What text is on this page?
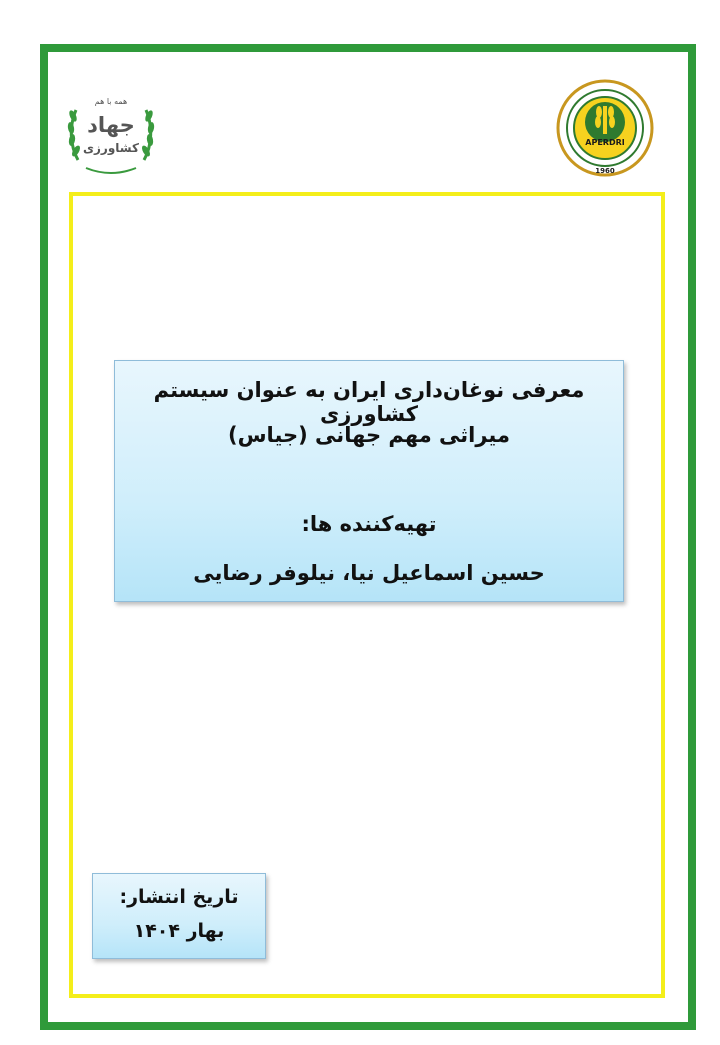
همه با هم
جهاد
کشاورزی	APERDRI
1960
معرفی نوغان‌داری ایران به عنوان سیستم کشاورزی
میراثی مهم جهانی (جیاس)
تهیه‌کننده ها:
حسین اسماعیل نیا، نیلوفر رضایی
تاریخ انتشار:
بهار ۱۴۰۴
